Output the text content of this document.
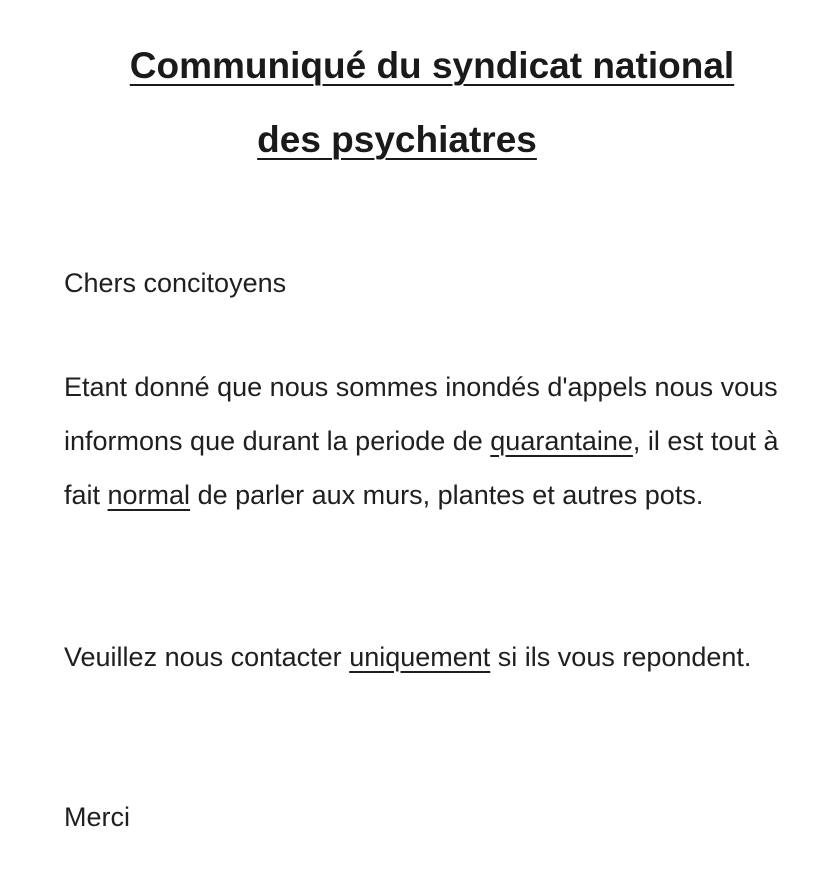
Communiqué du syndicat national
des psychiatres

Chers concitoyens

Etant donné que nous sommes inondés d'appels nous vous informons que durant la periode de quarantaine, il est tout à fait normal de parler aux murs, plantes et autres pots.

Veuillez nous contacter uniquement si ils vous repondent.

Merci
